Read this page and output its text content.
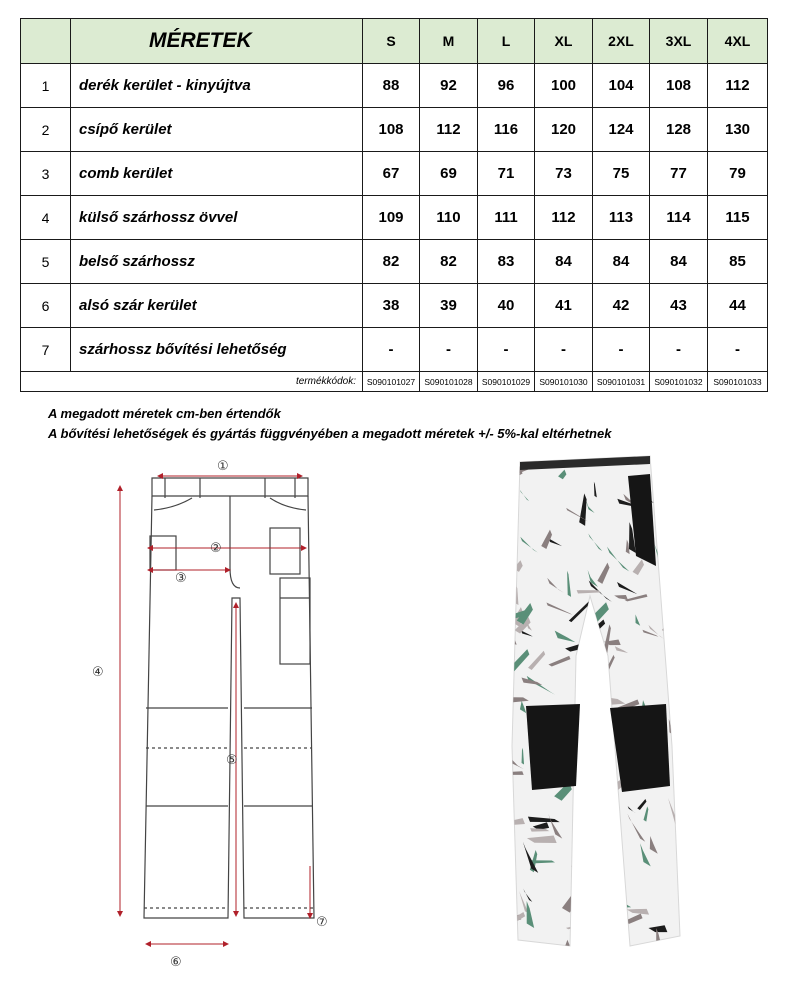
	MÉRETEK	S	M	L	XL	2XL	3XL	4XL
1	derék kerület - kinyújtva	88	92	96	100	104	108	112
2	csípő kerület	108	112	116	120	124	128	130
3	comb kerület	67	69	71	73	75	77	79
4	külső szárhossz övvel	109	110	111	112	113	114	115
5	belső szárhossz	82	82	83	84	84	84	85
6	alsó szár kerület	38	39	40	41	42	43	44
7	szárhossz bővítési lehetőség	-	-	-	-	-	-	-
termékkódok:		S090101027	S090101028	S090101029	S090101030	S090101031	S090101032	S090101033
A megadott méretek cm-ben értendők
A bővítési lehetőségek és gyártás függvényében a megadott méretek +/- 5%-kal eltérhetnek
①
②
③
④
⑤
⑥
⑦
